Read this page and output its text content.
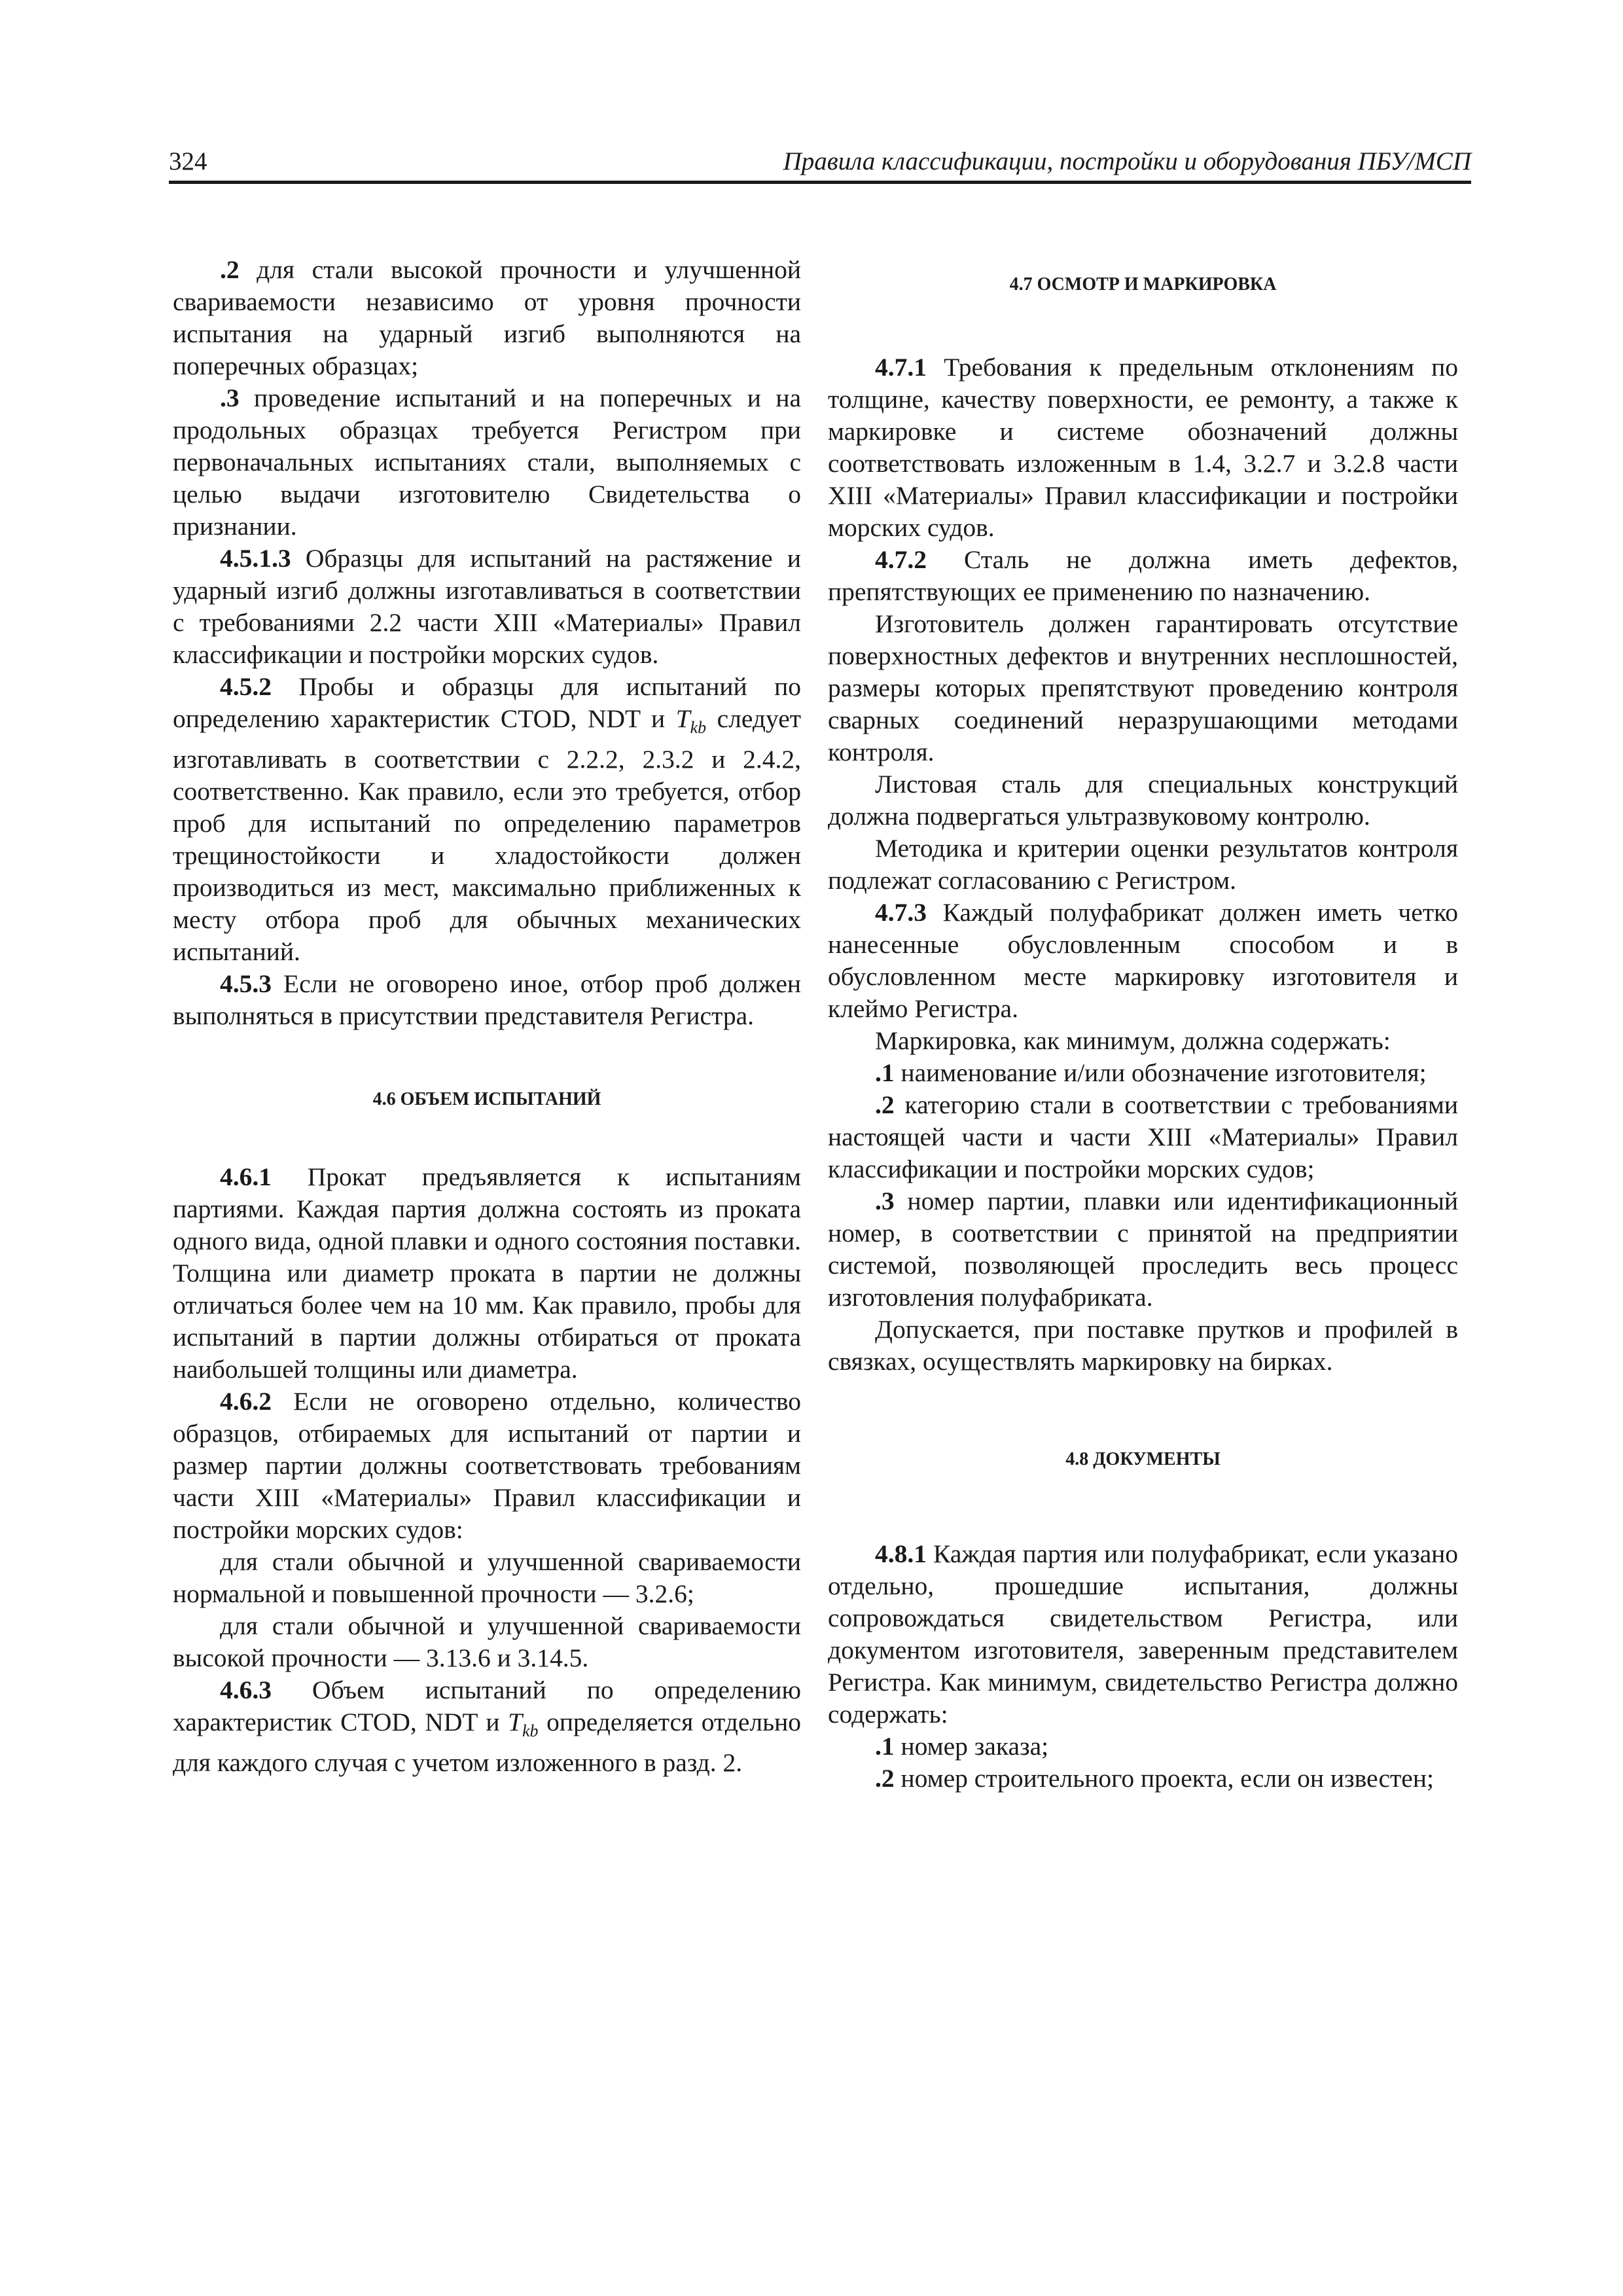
324	Правила классификации, постройки и оборудования ПБУ/МСП

.2 для стали высокой прочности и улучшенной свариваемости независимо от уровня прочности испытания на ударный изгиб выполняются на поперечных образцах;

.3 проведение испытаний и на поперечных и на продольных образцах требуется Регистром при первоначальных испытаниях стали, выполняемых с целью выдачи изготовителю Свидетельства о признании.

4.5.1.3 Образцы для испытаний на растяжение и ударный изгиб должны изготавливаться в соответствии с требованиями 2.2 части XIII «Материалы» Правил классификации и постройки морских судов.

4.5.2 Пробы и образцы для испытаний по определению характеристик CTOD, NDT и $T_{kb}$ следует изготавливать в соответствии с 2.2.2, 2.3.2 и 2.4.2, соответственно. Как правило, если это требуется, отбор проб для испытаний по определению параметров трещиностойкости и хладостойкости должен производиться из мест, максимально приближенных к месту отбора проб для обычных механических испытаний.

4.5.3 Если не оговорено иное, отбор проб должен выполняться в присутствии представителя Регистра.

4.6 ОБЪЕМ ИСПЫТАНИЙ

4.6.1 Прокат предъявляется к испытаниям партиями. Каждая партия должна состоять из проката одного вида, одной плавки и одного состояния поставки. Толщина или диаметр проката в партии не должны отличаться более чем на 10 мм. Как правило, пробы для испытаний в партии должны отбираться от проката наибольшей толщины или диаметра.

4.6.2 Если не оговорено отдельно, количество образцов, отбираемых для испытаний от партии и размер партии должны соответствовать требованиям части XIII «Материалы» Правил классификации и постройки морских судов:

для стали обычной и улучшенной свариваемости нормальной и повышенной прочности — 3.2.6;

для стали обычной и улучшенной свариваемости высокой прочности — 3.13.6 и 3.14.5.

4.6.3 Объем испытаний по определению характеристик CTOD, NDT и $T_{kb}$ определяется отдельно для каждого случая с учетом изложенного в разд. 2.

4.7 ОСМОТР И МАРКИРОВКА

4.7.1 Требования к предельным отклонениям по толщине, качеству поверхности, ее ремонту, а также к маркировке и системе обозначений должны соответствовать изложенным в 1.4, 3.2.7 и 3.2.8 части XIII «Материалы» Правил классификации и постройки морских судов.

4.7.2 Сталь не должна иметь дефектов, препятствующих ее применению по назначению.

Изготовитель должен гарантировать отсутствие поверхностных дефектов и внутренних несплошностей, размеры которых препятствуют проведению контроля сварных соединений неразрушающими методами контроля.

Листовая сталь для специальных конструкций должна подвергаться ультразвуковому контролю.

Методика и критерии оценки результатов контроля подлежат согласованию с Регистром.

4.7.3 Каждый полуфабрикат должен иметь четко нанесенные обусловленным способом и в обусловленном месте маркировку изготовителя и клеймо Регистра.

Маркировка, как минимум, должна содержать:

.1 наименование и/или обозначение изготовителя;

.2 категорию стали в соответствии с требованиями настоящей части и части XIII «Материалы» Правил классификации и постройки морских судов;

.3 номер партии, плавки или идентификационный номер, в соответствии с принятой на предприятии системой, позволяющей проследить весь процесс изготовления полуфабриката.

Допускается, при поставке прутков и профилей в связках, осуществлять маркировку на бирках.

4.8 ДОКУМЕНТЫ

4.8.1 Каждая партия или полуфабрикат, если указано отдельно, прошедшие испытания, должны сопровождаться свидетельством Регистра, или документом изготовителя, заверенным представителем Регистра. Как минимум, свидетельство Регистра должно содержать:

.1 номер заказа;

.2 номер строительного проекта, если он известен;
